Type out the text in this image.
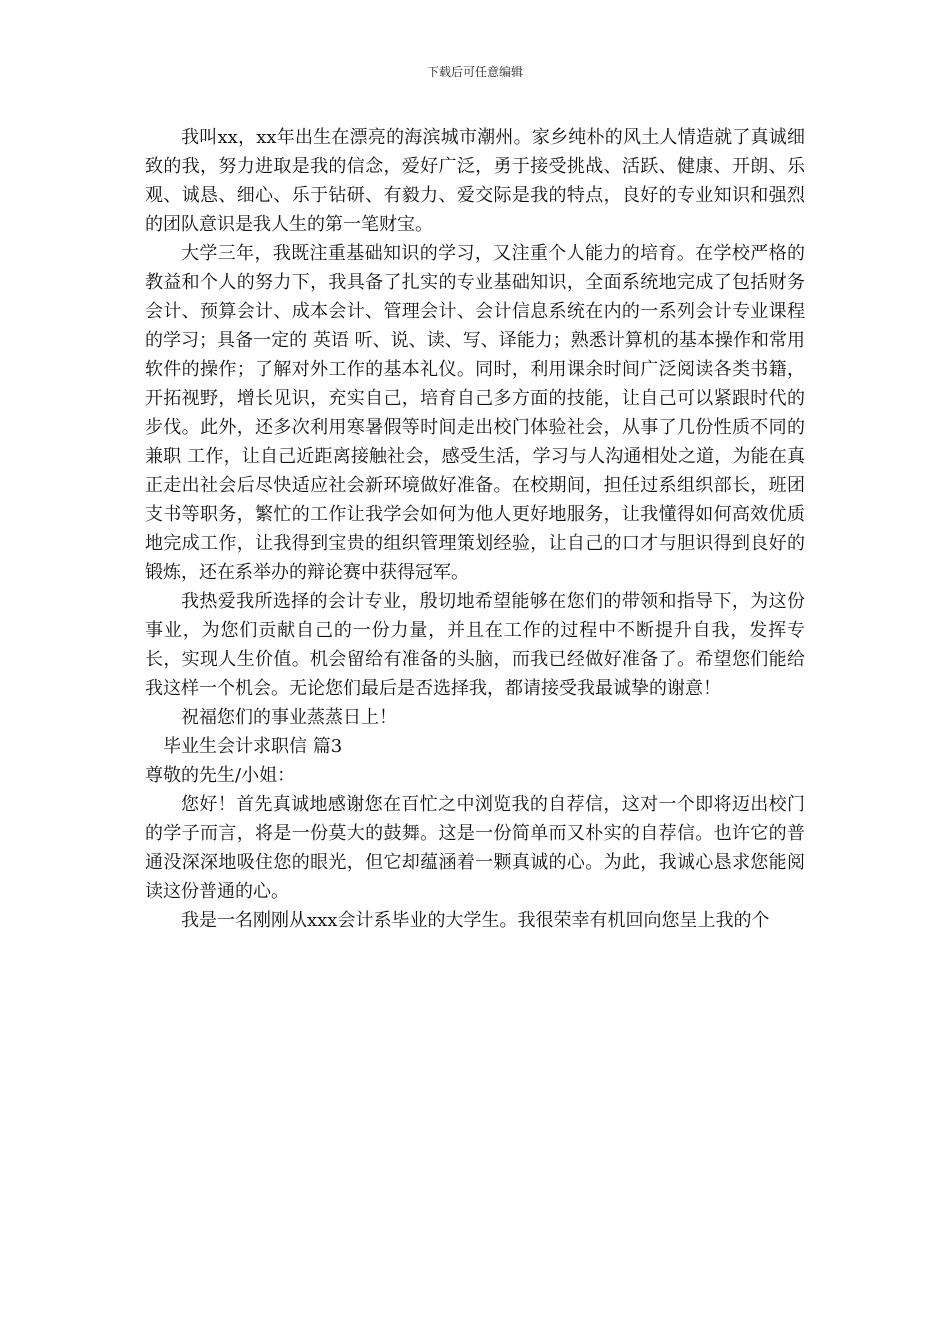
下载后可任意编辑

我叫xx，xx年出生在漂亮的海滨城市潮州。家乡纯朴的风土人情造就了真诚细致的我，努力进取是我的信念，爱好广泛，勇于接受挑战、活跃、健康、开朗、乐观、诚恳、细心、乐于钻研、有毅力、爱交际是我的特点，良好的专业知识和强烈的团队意识是我人生的第一笔财宝。

大学三年，我既注重基础知识的学习，又注重个人能力的培育。在学校严格的教益和个人的努力下，我具备了扎实的专业基础知识，全面系统地完成了包括财务会计、预算会计、成本会计、管理会计、会计信息系统在内的一系列会计专业课程的学习；具备一定的 英语 听、说、读、写、译能力；熟悉计算机的基本操作和常用软件的操作；了解对外工作的基本礼仪。同时，利用课余时间广泛阅读各类书籍，开拓视野，增长见识，充实自己，培育自己多方面的技能，让自己可以紧跟时代的步伐。此外，还多次利用寒暑假等时间走出校门体验社会，从事了几份性质不同的 兼职 工作，让自己近距离接触社会，感受生活，学习与人沟通相处之道，为能在真正走出社会后尽快适应社会新环境做好准备。在校期间，担任过系组织部长，班团支书等职务，繁忙的工作让我学会如何为他人更好地服务，让我懂得如何高效优质地完成工作，让我得到宝贵的组织管理策划经验，让自己的口才与胆识得到良好的锻炼，还在系举办的辩论赛中获得冠军。

我热爱我所选择的会计专业，殷切地希望能够在您们的带领和指导下，为这份事业，为您们贡献自己的一份力量，并且在工作的过程中不断提升自我，发挥专长，实现人生价值。机会留给有准备的头脑，而我已经做好准备了。希望您们能给我这样一个机会。无论您们最后是否选择我，都请接受我最诚挚的谢意！

祝福您们的事业蒸蒸日上！

毕业生会计求职信 篇3

尊敬的先生/小姐：

您好！首先真诚地感谢您在百忙之中浏览我的自荐信，这对一个即将迈出校门的学子而言，将是一份莫大的鼓舞。这是一份简单而又朴实的自荐信。也许它的普通没深深地吸住您的眼光，但它却蕴涵着一颗真诚的心。为此，我诚心恳求您能阅读这份普通的心。

我是一名刚刚从xxx会计系毕业的大学生。我很荣幸有机回向您呈上我的个
